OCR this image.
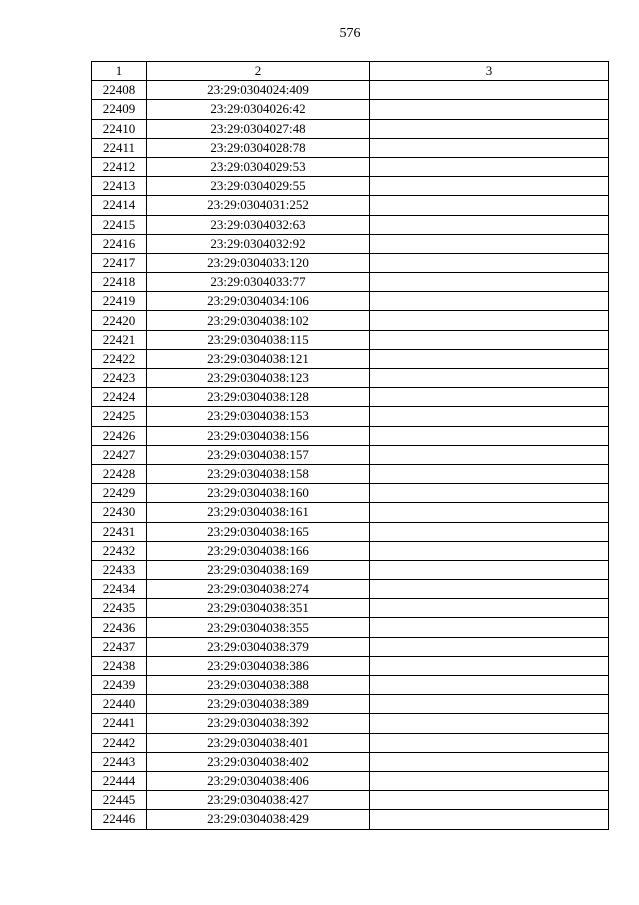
576
1	2	3
22408	23:29:0304024:409	
22409	23:29:0304026:42	
22410	23:29:0304027:48	
22411	23:29:0304028:78	
22412	23:29:0304029:53	
22413	23:29:0304029:55	
22414	23:29:0304031:252	
22415	23:29:0304032:63	
22416	23:29:0304032:92	
22417	23:29:0304033:120	
22418	23:29:0304033:77	
22419	23:29:0304034:106	
22420	23:29:0304038:102	
22421	23:29:0304038:115	
22422	23:29:0304038:121	
22423	23:29:0304038:123	
22424	23:29:0304038:128	
22425	23:29:0304038:153	
22426	23:29:0304038:156	
22427	23:29:0304038:157	
22428	23:29:0304038:158	
22429	23:29:0304038:160	
22430	23:29:0304038:161	
22431	23:29:0304038:165	
22432	23:29:0304038:166	
22433	23:29:0304038:169	
22434	23:29:0304038:274	
22435	23:29:0304038:351	
22436	23:29:0304038:355	
22437	23:29:0304038:379	
22438	23:29:0304038:386	
22439	23:29:0304038:388	
22440	23:29:0304038:389	
22441	23:29:0304038:392	
22442	23:29:0304038:401	
22443	23:29:0304038:402	
22444	23:29:0304038:406	
22445	23:29:0304038:427	
22446	23:29:0304038:429	
